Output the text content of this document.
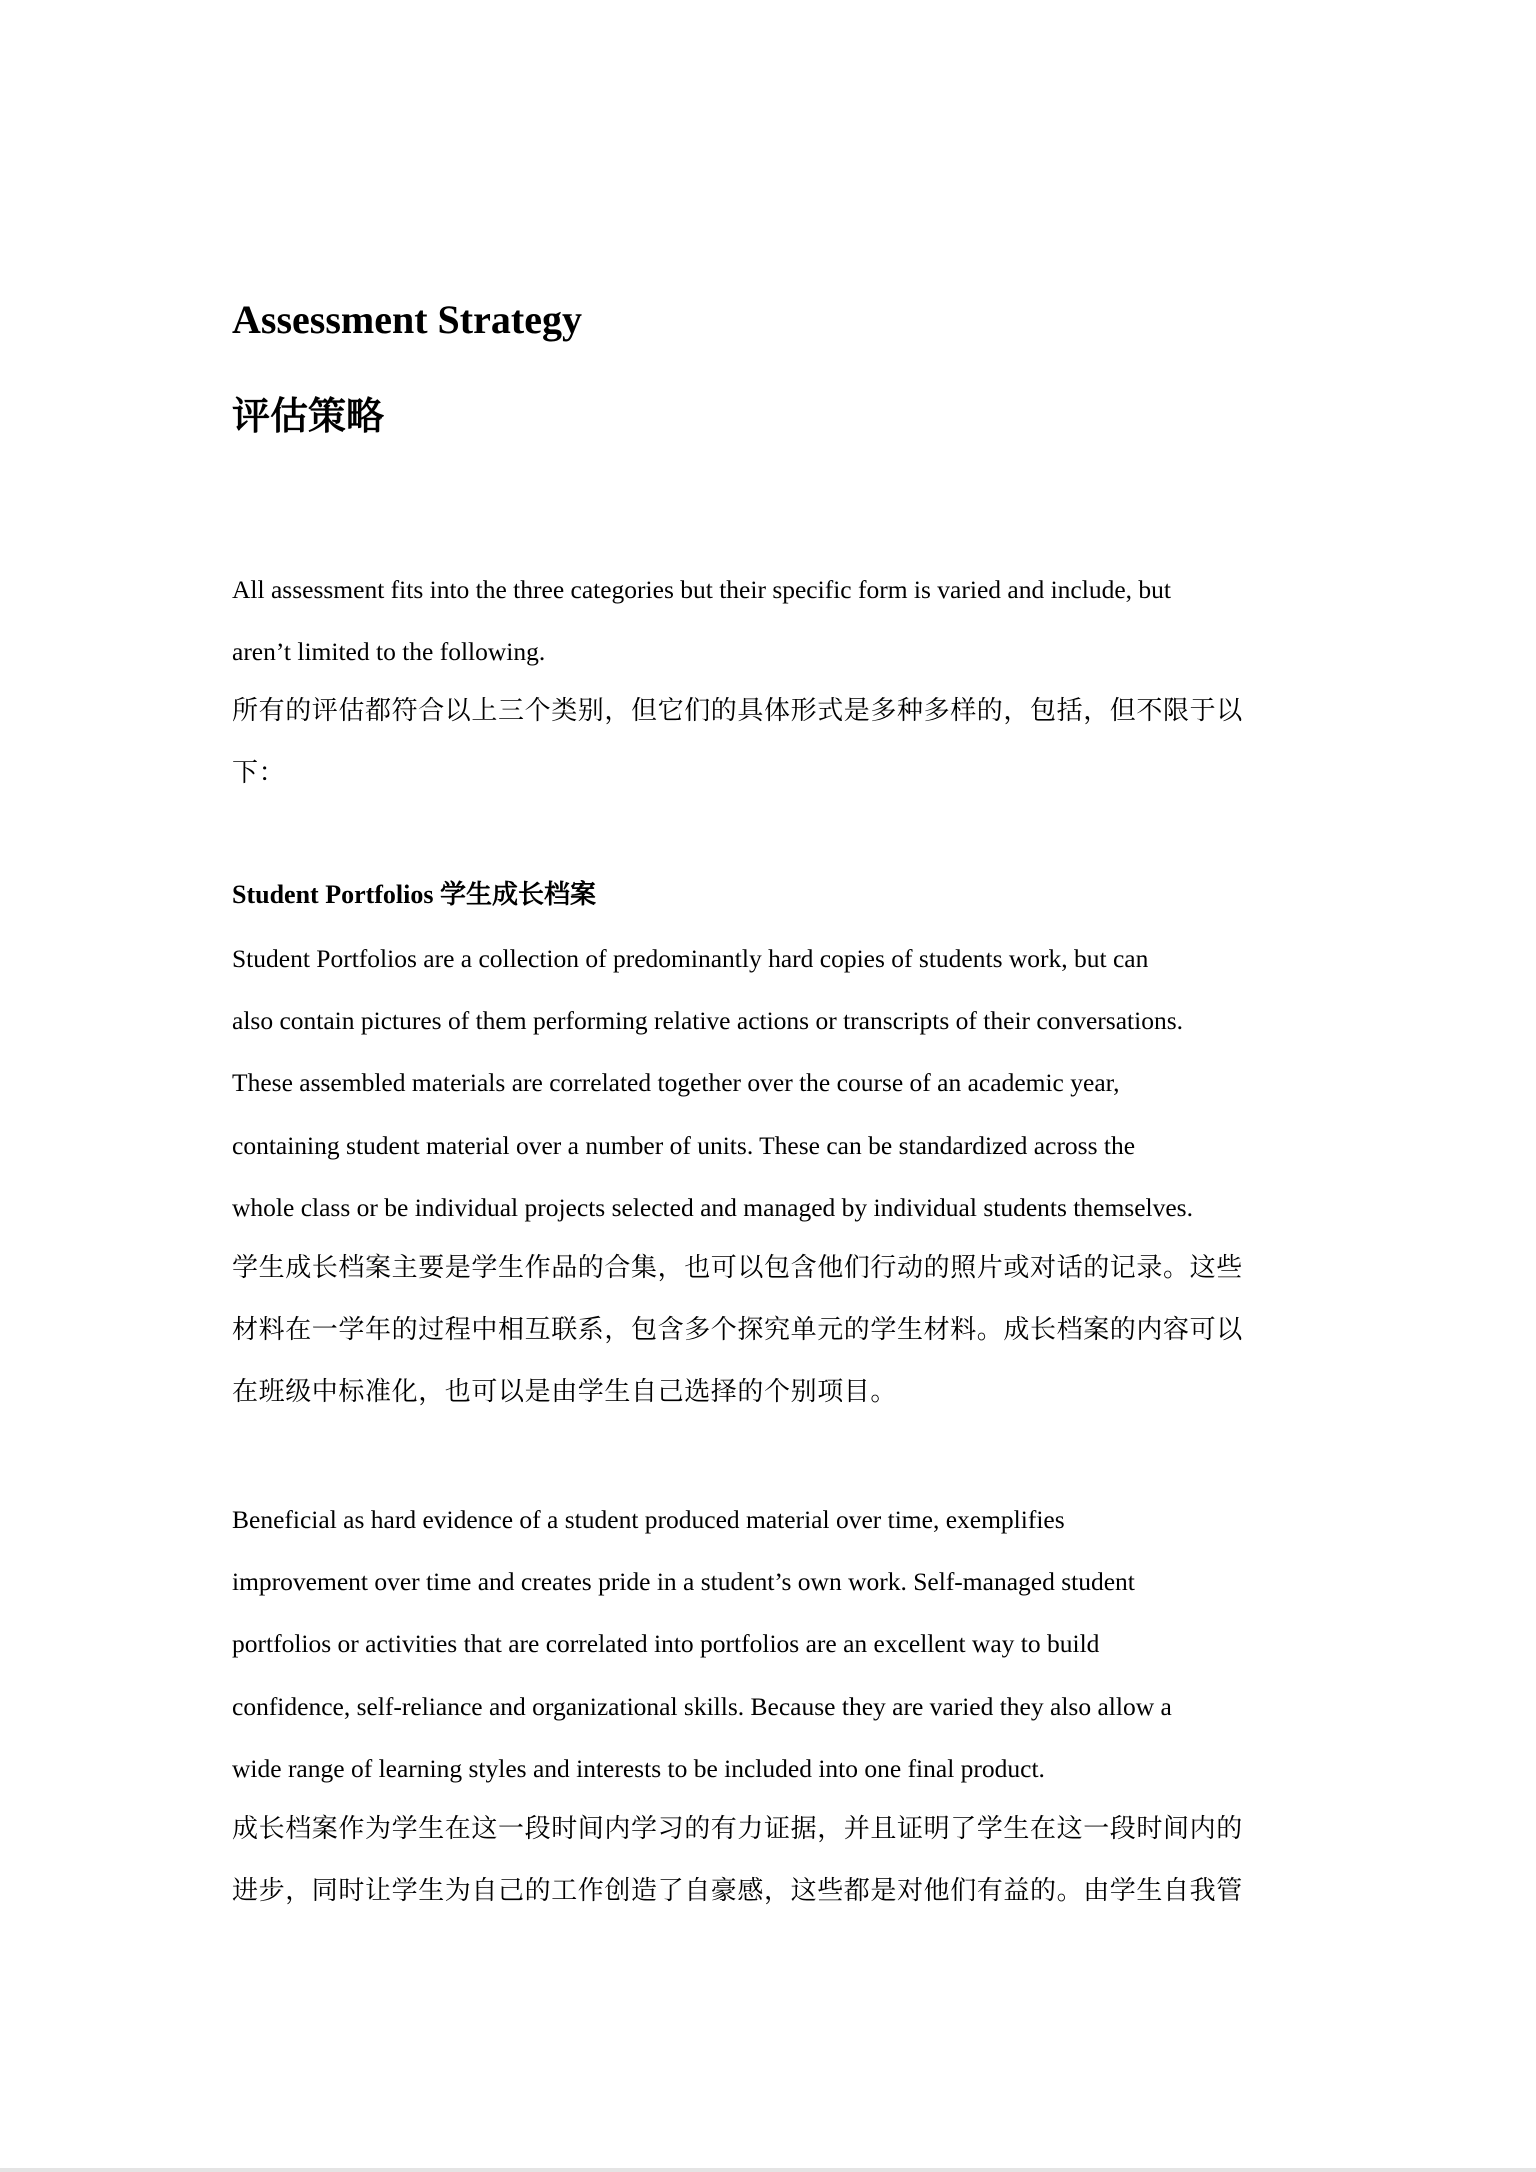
Assessment Strategy
评估策略
All assessment fits into the three categories but their specific form is varied and include, but
aren’t limited to the following.
所有的评估都符合以上三个类别，但它们的具体形式是多种多样的，包括，但不限于以
下：
Student Portfolios 学生成长档案
Student Portfolios are a collection of predominantly hard copies of students work, but can
also contain pictures of them performing relative actions or transcripts of their conversations.
These assembled materials are correlated together over the course of an academic year,
containing student material over a number of units. These can be standardized across the
whole class or be individual projects selected and managed by individual students themselves.
学生成长档案主要是学生作品的合集，也可以包含他们行动的照片或对话的记录。这些
材料在一学年的过程中相互联系，包含多个探究单元的学生材料。成长档案的内容可以
在班级中标准化，也可以是由学生自己选择的个别项目。
Beneficial as hard evidence of a student produced material over time, exemplifies
improvement over time and creates pride in a student’s own work. Self-managed student
portfolios or activities that are correlated into portfolios are an excellent way to build
confidence, self-reliance and organizational skills. Because they are varied they also allow a
wide range of learning styles and interests to be included into one final product.
成长档案作为学生在这一段时间内学习的有力证据，并且证明了学生在这一段时间内的
进步，同时让学生为自己的工作创造了自豪感，这些都是对他们有益的。由学生自我管
